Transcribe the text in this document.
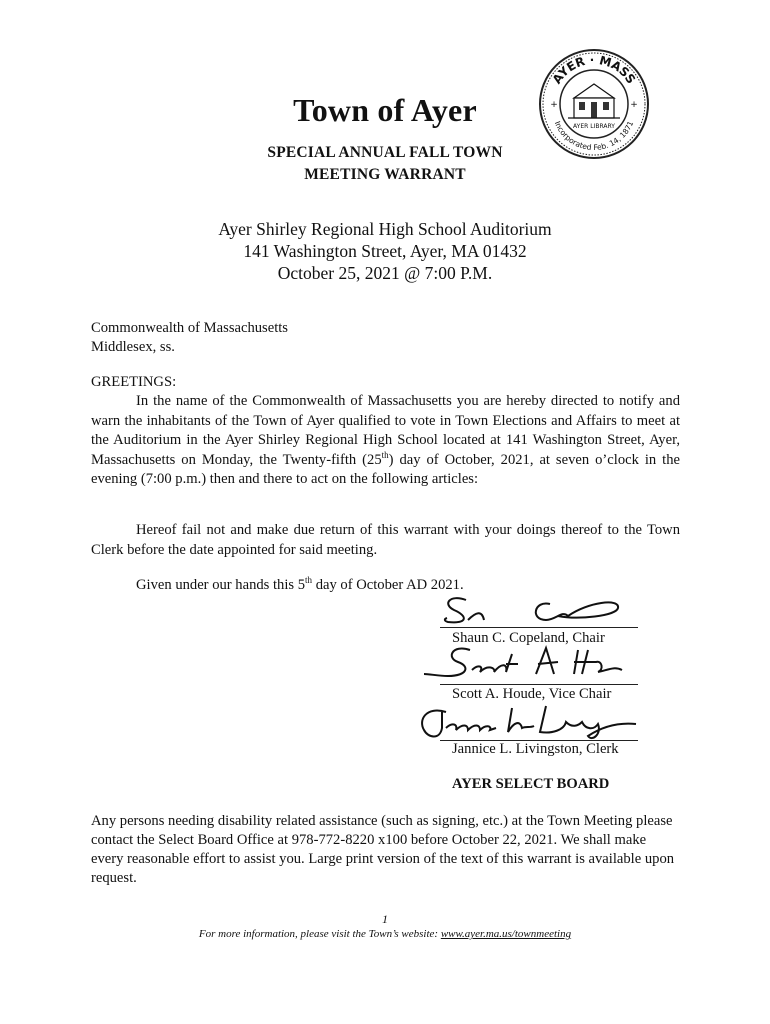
AYER · MASS
Incorporated Feb. 14, 1871
AYER LIBRARY
+	+
Town of Ayer
SPECIAL ANNUAL FALL TOWN
MEETING WARRANT
Ayer Shirley Regional High School Auditorium
141 Washington Street, Ayer, MA 01432
October 25, 2021 @ 7:00 P.M.
Commonwealth of Massachusetts
Middlesex, ss.
GREETINGS:
In the name of the Commonwealth of Massachusetts you are hereby directed to notify and warn the inhabitants of the Town of Ayer qualified to vote in Town Elections and Affairs to meet at the Auditorium in the Ayer Shirley Regional High School located at 141 Washington Street, Ayer, Massachusetts on Monday, the Twenty-fifth (25th) day of October, 2021, at seven o’clock in the evening (7:00 p.m.) then and there to act on the following articles:
Hereof fail not and make due return of this warrant with your doings thereof to the Town Clerk before the date appointed for said meeting.
Given under our hands this 5th day of October AD 2021.
Shaun C. Copeland, Chair
Scott A. Houde, Vice Chair
Jannice L. Livingston, Clerk
AYER SELECT BOARD
Any persons needing disability related assistance (such as signing, etc.) at the Town Meeting please contact the Select Board Office at 978-772-8220 x100 before October 22, 2021. We shall make every reasonable effort to assist you. Large print version of the text of this warrant is available upon request.
1
For more information, please visit the Town’s website: www.ayer.ma.us/townmeeting
